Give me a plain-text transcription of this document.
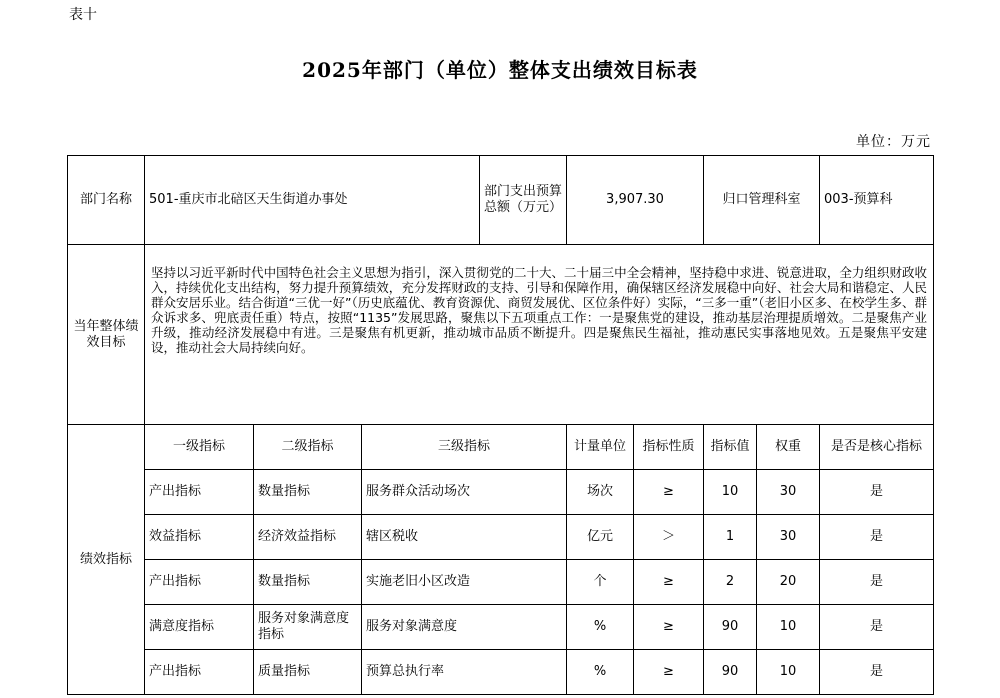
表十
2025年部门（单位）整体支出绩效目标表
单位：万元
部门名称	501-重庆市北碚区天生街道办事处			部门支出预算总额（万元）	3,907.30		归口管理科室		003-预算科
当年整体绩效目标	坚持以习近平新时代中国特色社会主义思想为指引，深入贯彻党的二十大、二十届三中全会精神，坚持稳中求进、锐意进取，全力组织财政收入，持续优化支出结构，努力提升预算绩效，充分发挥财政的支持、引导和保障作用，确保辖区经济发展稳中向好、社会大局和谐稳定、人民群众安居乐业。结合街道“三优一好”（历史底蕴优、教育资源优、商贸发展优、区位条件好）实际，“三多一重”（老旧小区多、在校学生多、群众诉求多、兜底责任重）特点，按照“1135”发展思路，聚焦以下五项重点工作：一是聚焦党的建设，推动基层治理提质增效。二是聚焦产业升级，推动经济发展稳中有进。三是聚焦有机更新，推动城市品质不断提升。四是聚焦民生福祉，推动惠民实事落地见效。五是聚焦平安建设，推动社会大局持续向好。								

绩效指标	一级指标	二级指标	三级指标		计量单位	指标性质	指标值	权重	是否是核心指标
	产出指标	数量指标	服务群众活动场次		场次	≥	10	30	是
	效益指标	经济效益指标	辖区税收		亿元	＞	1	30	是
	产出指标	数量指标	实施老旧小区改造		个	≥	2	20	是
	满意度指标	服务对象满意度指标	服务对象满意度		%	≥	90	10	是
	产出指标	质量指标	预算总执行率		%	≥	90	10	是
